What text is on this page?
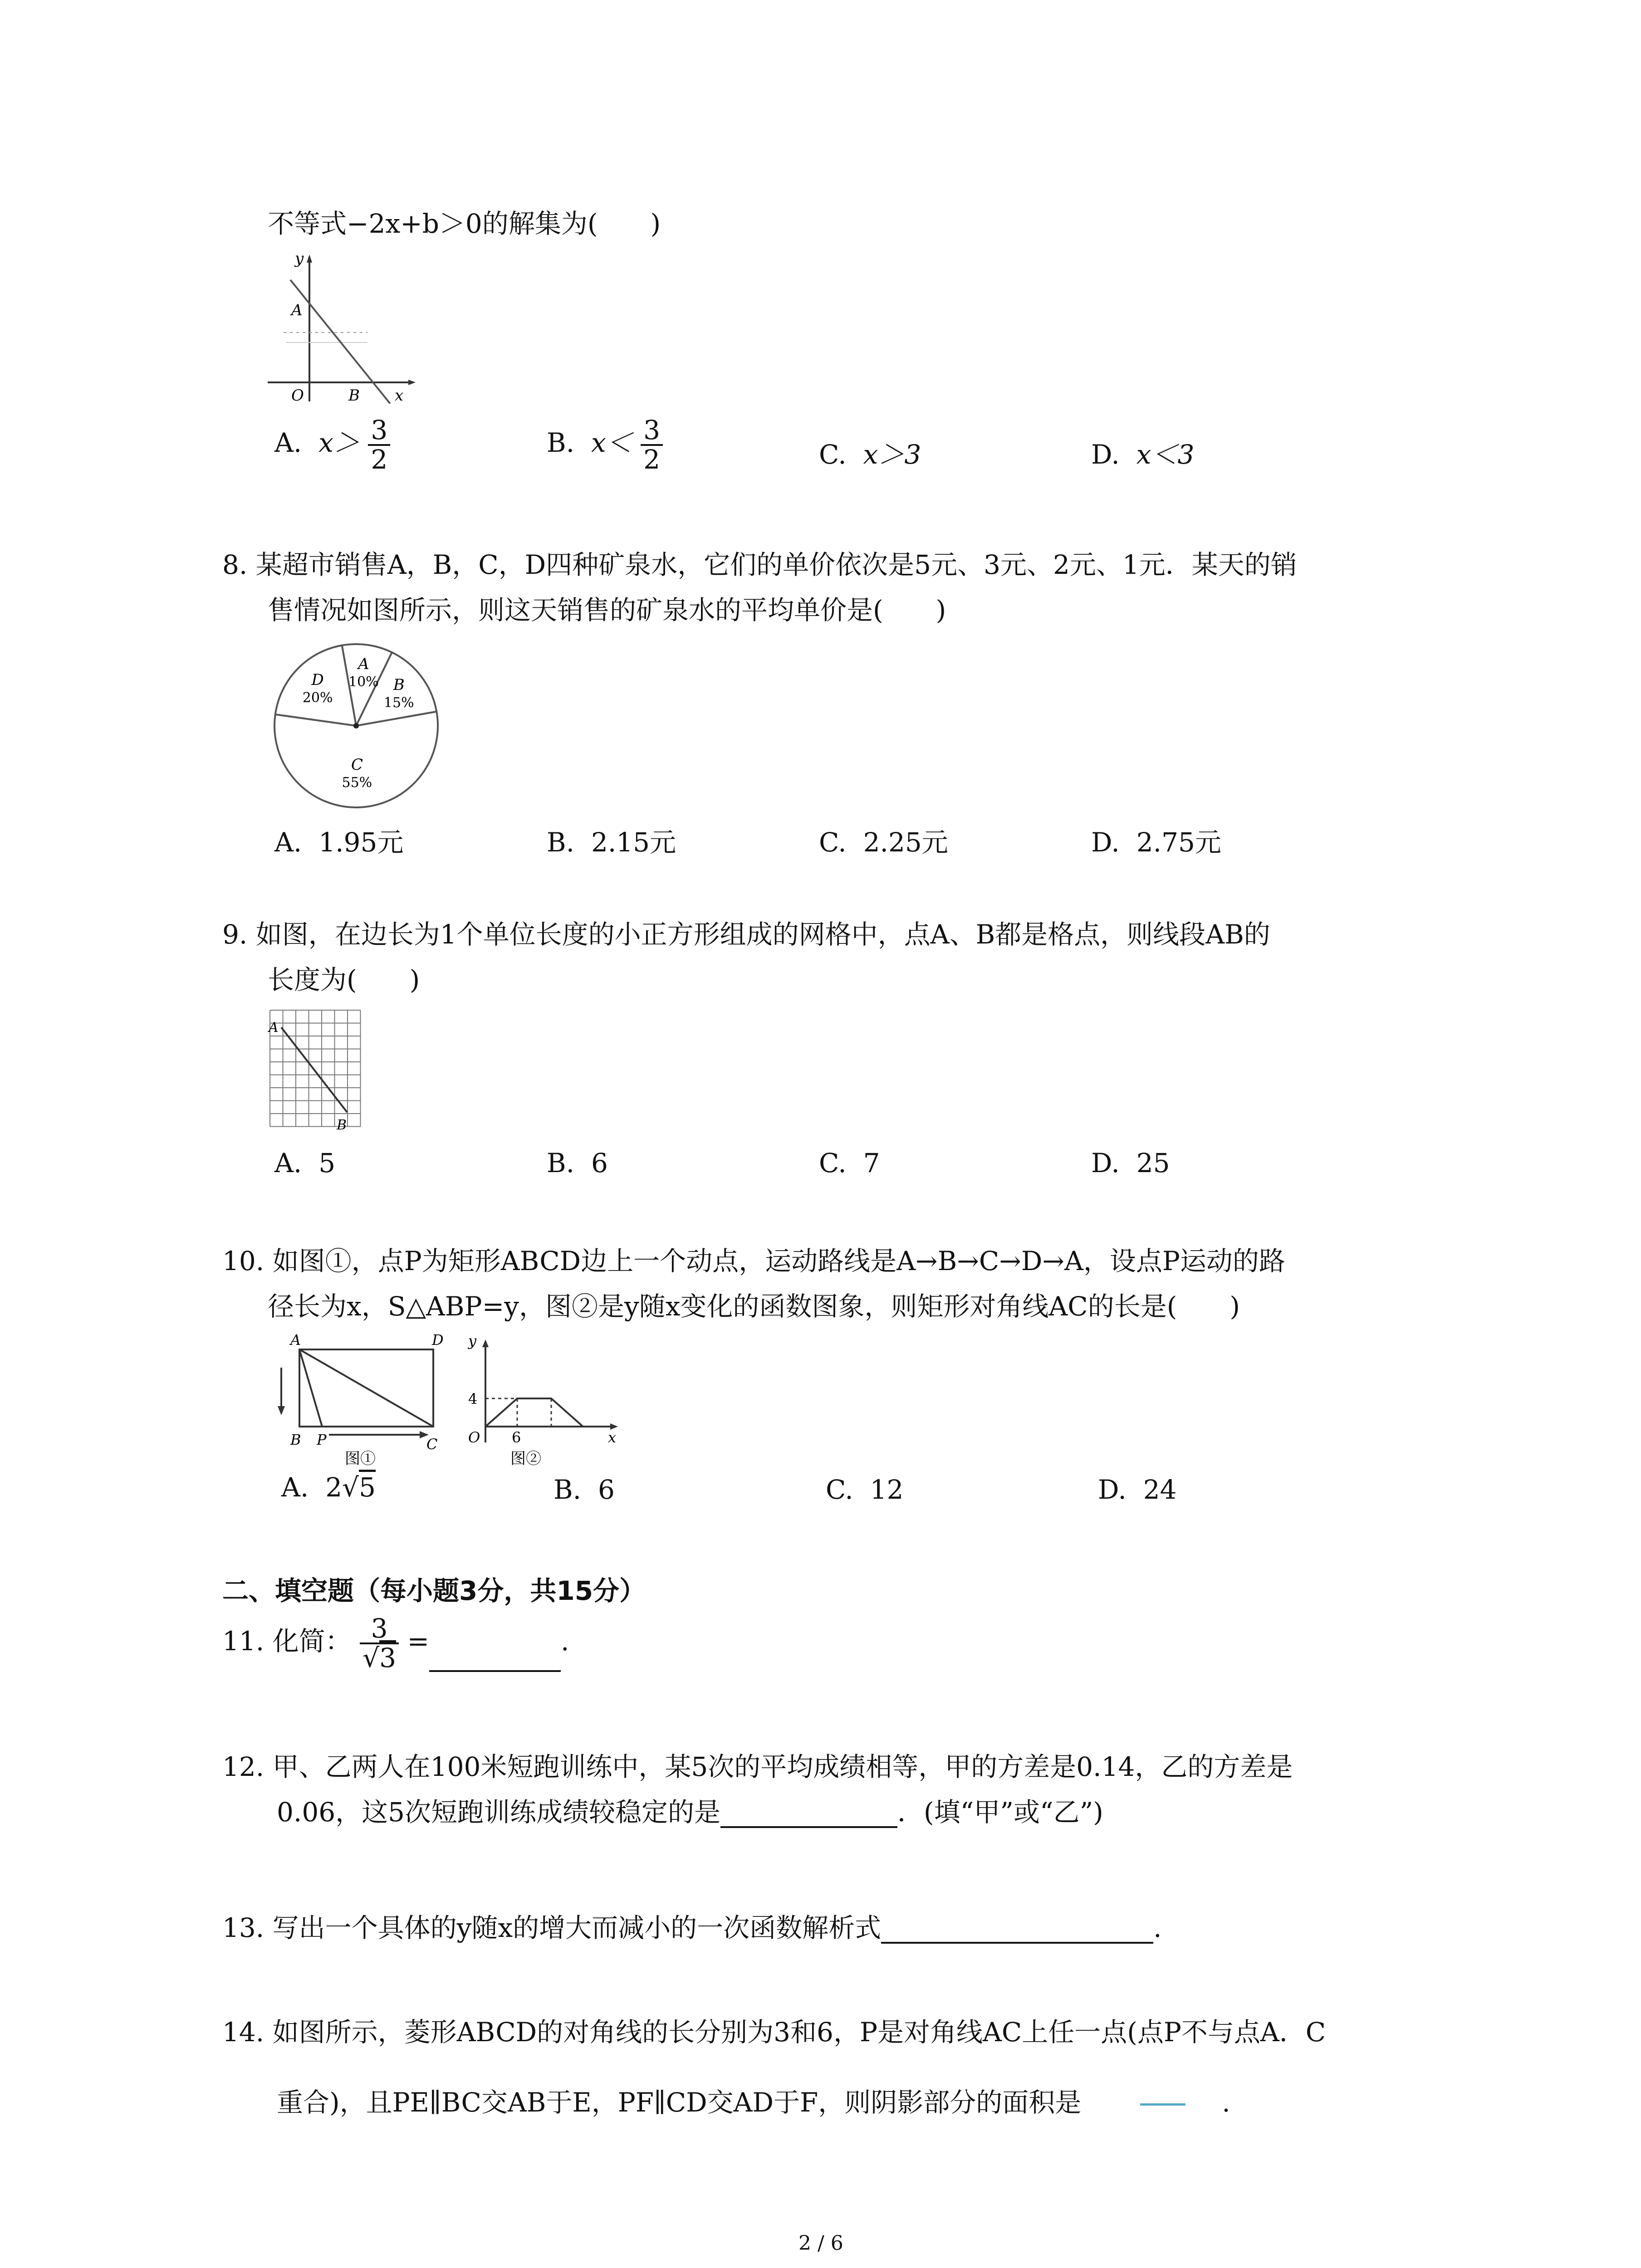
不等式−2x+b＞0的解集为(　　)
y
A
O	B x
A. $x> \frac{3}{2}$	B. $x< \frac{3}{2}$	C. x＞3	D. x＜3
8. 某超市销售A，B，C，D四种矿泉水，它们的单价依次是5元、3元、2元、1元．某天的销
售情况如图所示，则这天销售的矿泉水的平均单价是(　　)
A
10% B
15%
C
55%
D
20%
A. 1.95元	B. 2.15元	C. 2.25元	D. 2.75元
9. 如图，在边长为1个单位长度的小正方形组成的网格中，点A、B都是格点，则线段AB的
长度为(　　)
A
B
A. 5	B. 6	C. 7	D. 25
10. 如图①，点P为矩形ABCD边上一个动点，运动路线是A→B→C→D→A，设点P运动的路
径长为x，S△ABP=y，图②是y随x变化的函数图象，则矩形对角线AC的长是(　　)
A	D
B P	C
图①
y
4
O 6	x
图②
A. 2√5	B. 6	C. 12	D. 24
二、填空题（每小题3分，共15分）
11. 化简： $\frac{3}{√3}$ =	.
12. 甲、乙两人在100米短跑训练中，某5次的平均成绩相等，甲的方差是0.14，乙的方差是
0.06，这5次短跑训练成绩较稳定的是	．(填“甲”或“乙”)
13. 写出一个具体的y随x的增大而减小的一次函数解析式	.
14. 如图所示，菱形ABCD的对角线的长分别为3和6，P是对角线AC上任一点(点P不与点A．C
重合)，且PE∥BC交AB于E，PF∥CD交AD于F，则阴影部分的面积是	.
2 / 6
